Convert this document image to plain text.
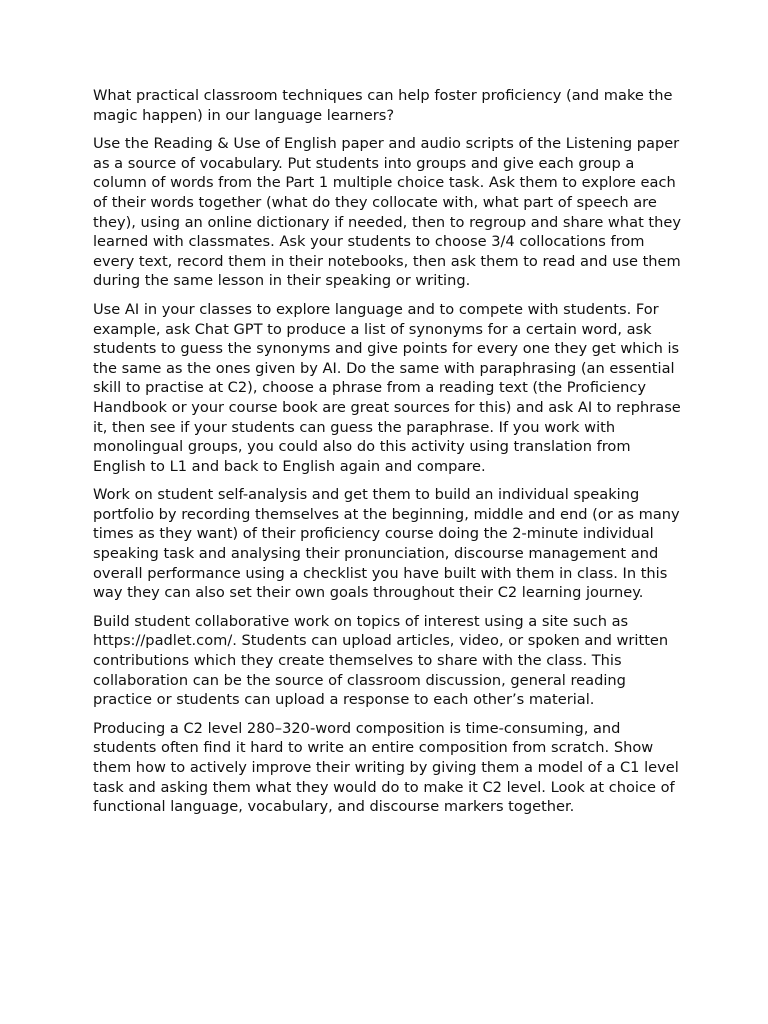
What practical classroom techniques can help foster proficiency (and make the magic happen) in our language learners?

Use the Reading & Use of English paper and audio scripts of the Listening paper as a source of vocabulary. Put students into groups and give each group a column of words from the Part 1 multiple choice task. Ask them to explore each of their words together (what do they collocate with, what part of speech are they), using an online dictionary if needed, then to regroup and share what they learned with classmates. Ask your students to choose 3/4 collocations from every text, record them in their notebooks, then ask them to read and use them during the same lesson in their speaking or writing.

Use AI in your classes to explore language and to compete with students. For example, ask Chat GPT to produce a list of synonyms for a certain word, ask students to guess the synonyms and give points for every one they get which is the same as the ones given by AI. Do the same with paraphrasing (an essential skill to practise at C2), choose a phrase from a reading text (the Proficiency Handbook or your course book are great sources for this) and ask AI to rephrase it, then see if your students can guess the paraphrase. If you work with monolingual groups, you could also do this activity using translation from English to L1 and back to English again and compare.

Work on student self-analysis and get them to build an individual speaking portfolio by recording themselves at the beginning, middle and end (or as many times as they want) of their proficiency course doing the 2-minute individual speaking task and analysing their pronunciation, discourse management and overall performance using a checklist you have built with them in class. In this way they can also set their own goals throughout their C2 learning journey.

Build student collaborative work on topics of interest using a site such as https://padlet.com/. Students can upload articles, video, or spoken and written contributions which they create themselves to share with the class. This collaboration can be the source of classroom discussion, general reading practice or students can upload a response to each other’s material.

Producing a C2 level 280–320-word composition is time-consuming, and students often find it hard to write an entire composition from scratch. Show them how to actively improve their writing by giving them a model of a C1 level task and asking them what they would do to make it C2 level. Look at choice of functional language, vocabulary, and discourse markers together.
